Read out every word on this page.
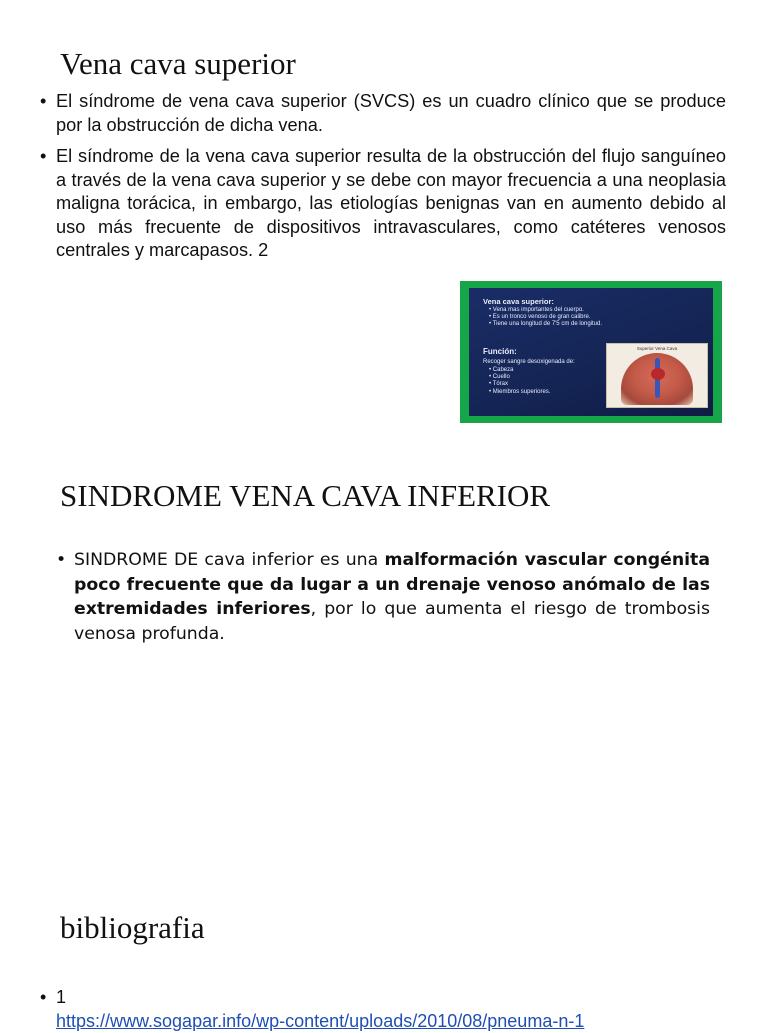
Vena cava superior
• El síndrome de vena cava superior (SVCS) es un cuadro clínico que se produce por la obstrucción de dicha vena.
• El síndrome de la vena cava superior resulta de la obstrucción del flujo sanguíneo a través de la vena cava superior y se debe con mayor frecuencia a una neoplasia maligna torácica, in embargo, las etiologías benignas van en aumento debido al uso más frecuente de dispositivos intravasculares, como catéteres venosos centrales y marcapasos. 2
Vena cava superior:
• Vena mas importantes del cuerpo.
• Es un tronco venoso de gran calibre.
• Tiene una longitud de 7'5 cm de longitud.
Función:
Recoger sangre desoxigenada de:
• Cabeza
• Cuello
• Tórax
• Miembros superiores.
Superior Vena Cava
SINDROME VENA CAVA INFERIOR
• SINDROME DE cava inferior es una malformación vascular congénita poco frecuente que da lugar a un drenaje venoso anómalo de las extremidades inferiores, por lo que aumenta el riesgo de trombosis venosa profunda.
bibliografia
• 1
https://www.sogapar.info/wp-content/uploads/2010/08/pneuma-n-1
